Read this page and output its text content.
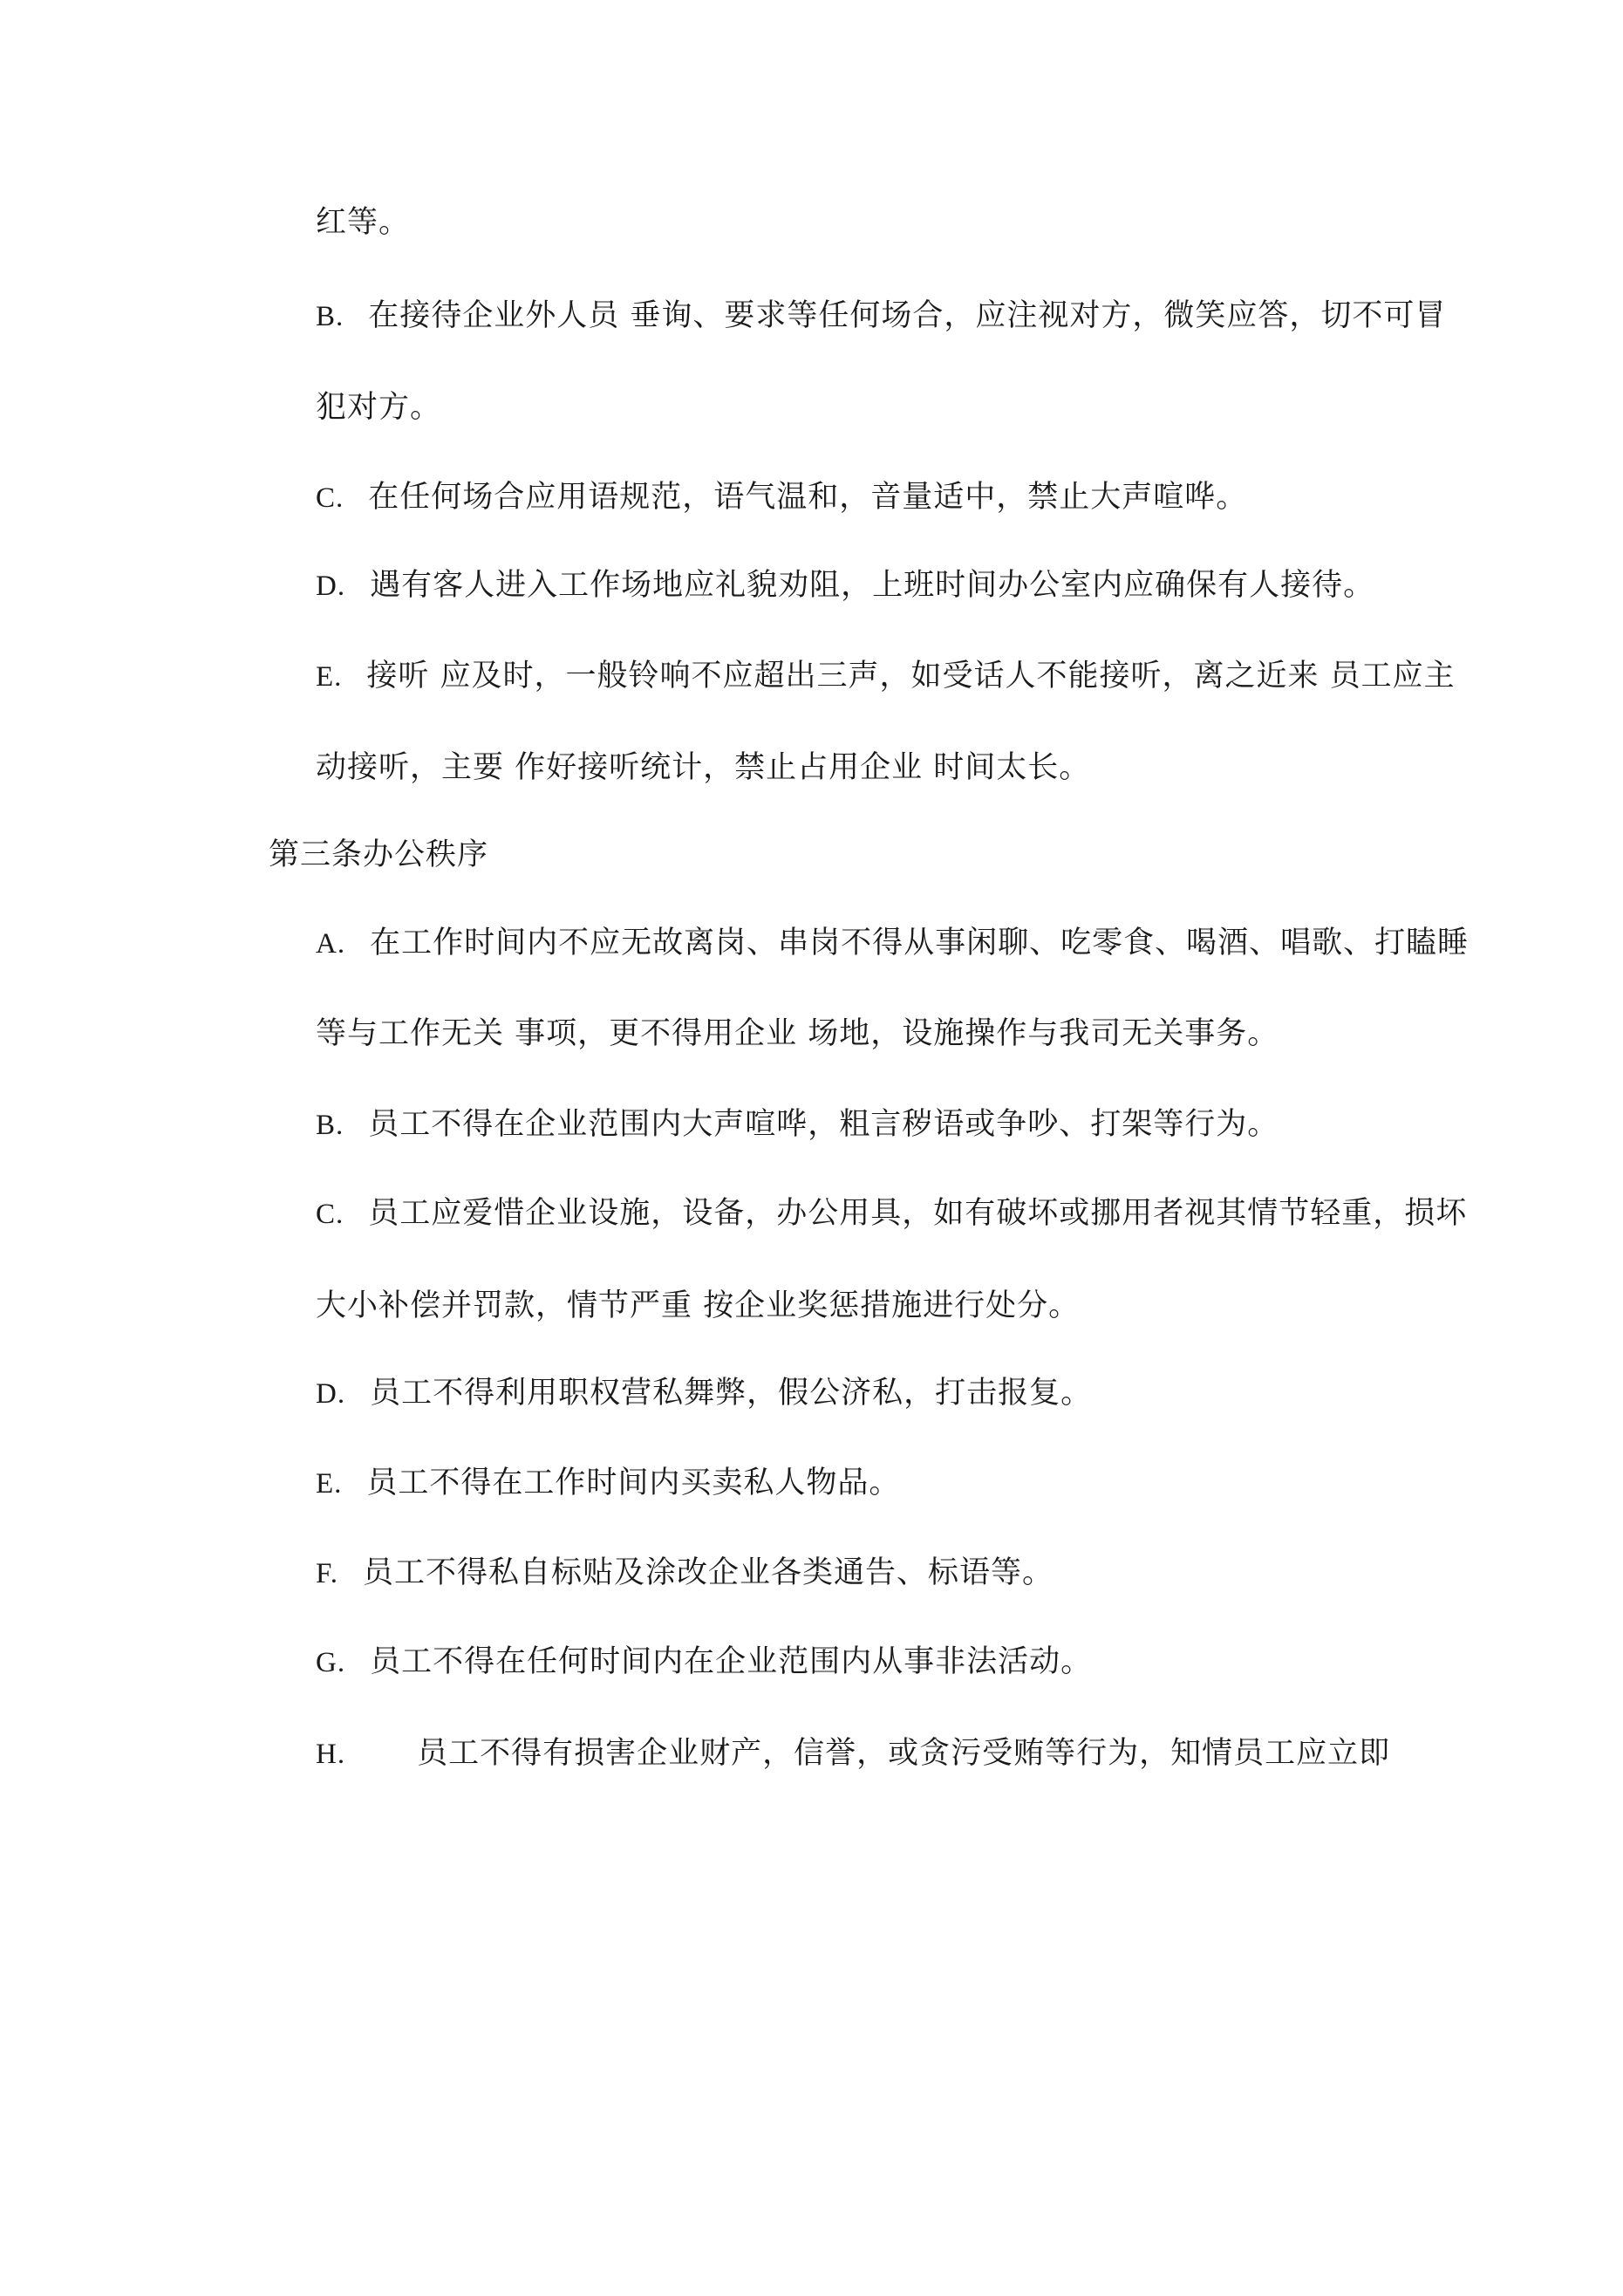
红等。
B. 在接待企业外人员 垂询、要求等任何场合，应注视对方，微笑应答，切不可冒
犯对方。
C. 在任何场合应用语规范，语气温和，音量适中，禁止大声喧哗。
D. 遇有客人进入工作场地应礼貌劝阻，上班时间办公室内应确保有人接待。
E. 接听 应及时，一般铃响不应超出三声，如受话人不能接听，离之近来 员工应主
动接听，主要 作好接听统计，禁止占用企业 时间太长。
第三条办公秩序
A. 在工作时间内不应无故离岗、串岗不得从事闲聊、吃零食、喝酒、唱歌、打瞌睡
等与工作无关 事项，更不得用企业 场地，设施操作与我司无关事务。
B. 员工不得在企业范围内大声喧哗，粗言秽语或争吵、打架等行为。
C. 员工应爱惜企业设施，设备，办公用具，如有破坏或挪用者视其情节轻重，损坏
大小补偿并罚款，情节严重 按企业奖惩措施进行处分。
D. 员工不得利用职权营私舞弊，假公济私，打击报复。
E. 员工不得在工作时间内买卖私人物品。
F. 员工不得私自标贴及涂改企业各类通告、标语等。
G. 员工不得在任何时间内在企业范围内从事非法活动。
H. 员工不得有损害企业财产，信誉，或贪污受贿等行为，知情员工应立即
